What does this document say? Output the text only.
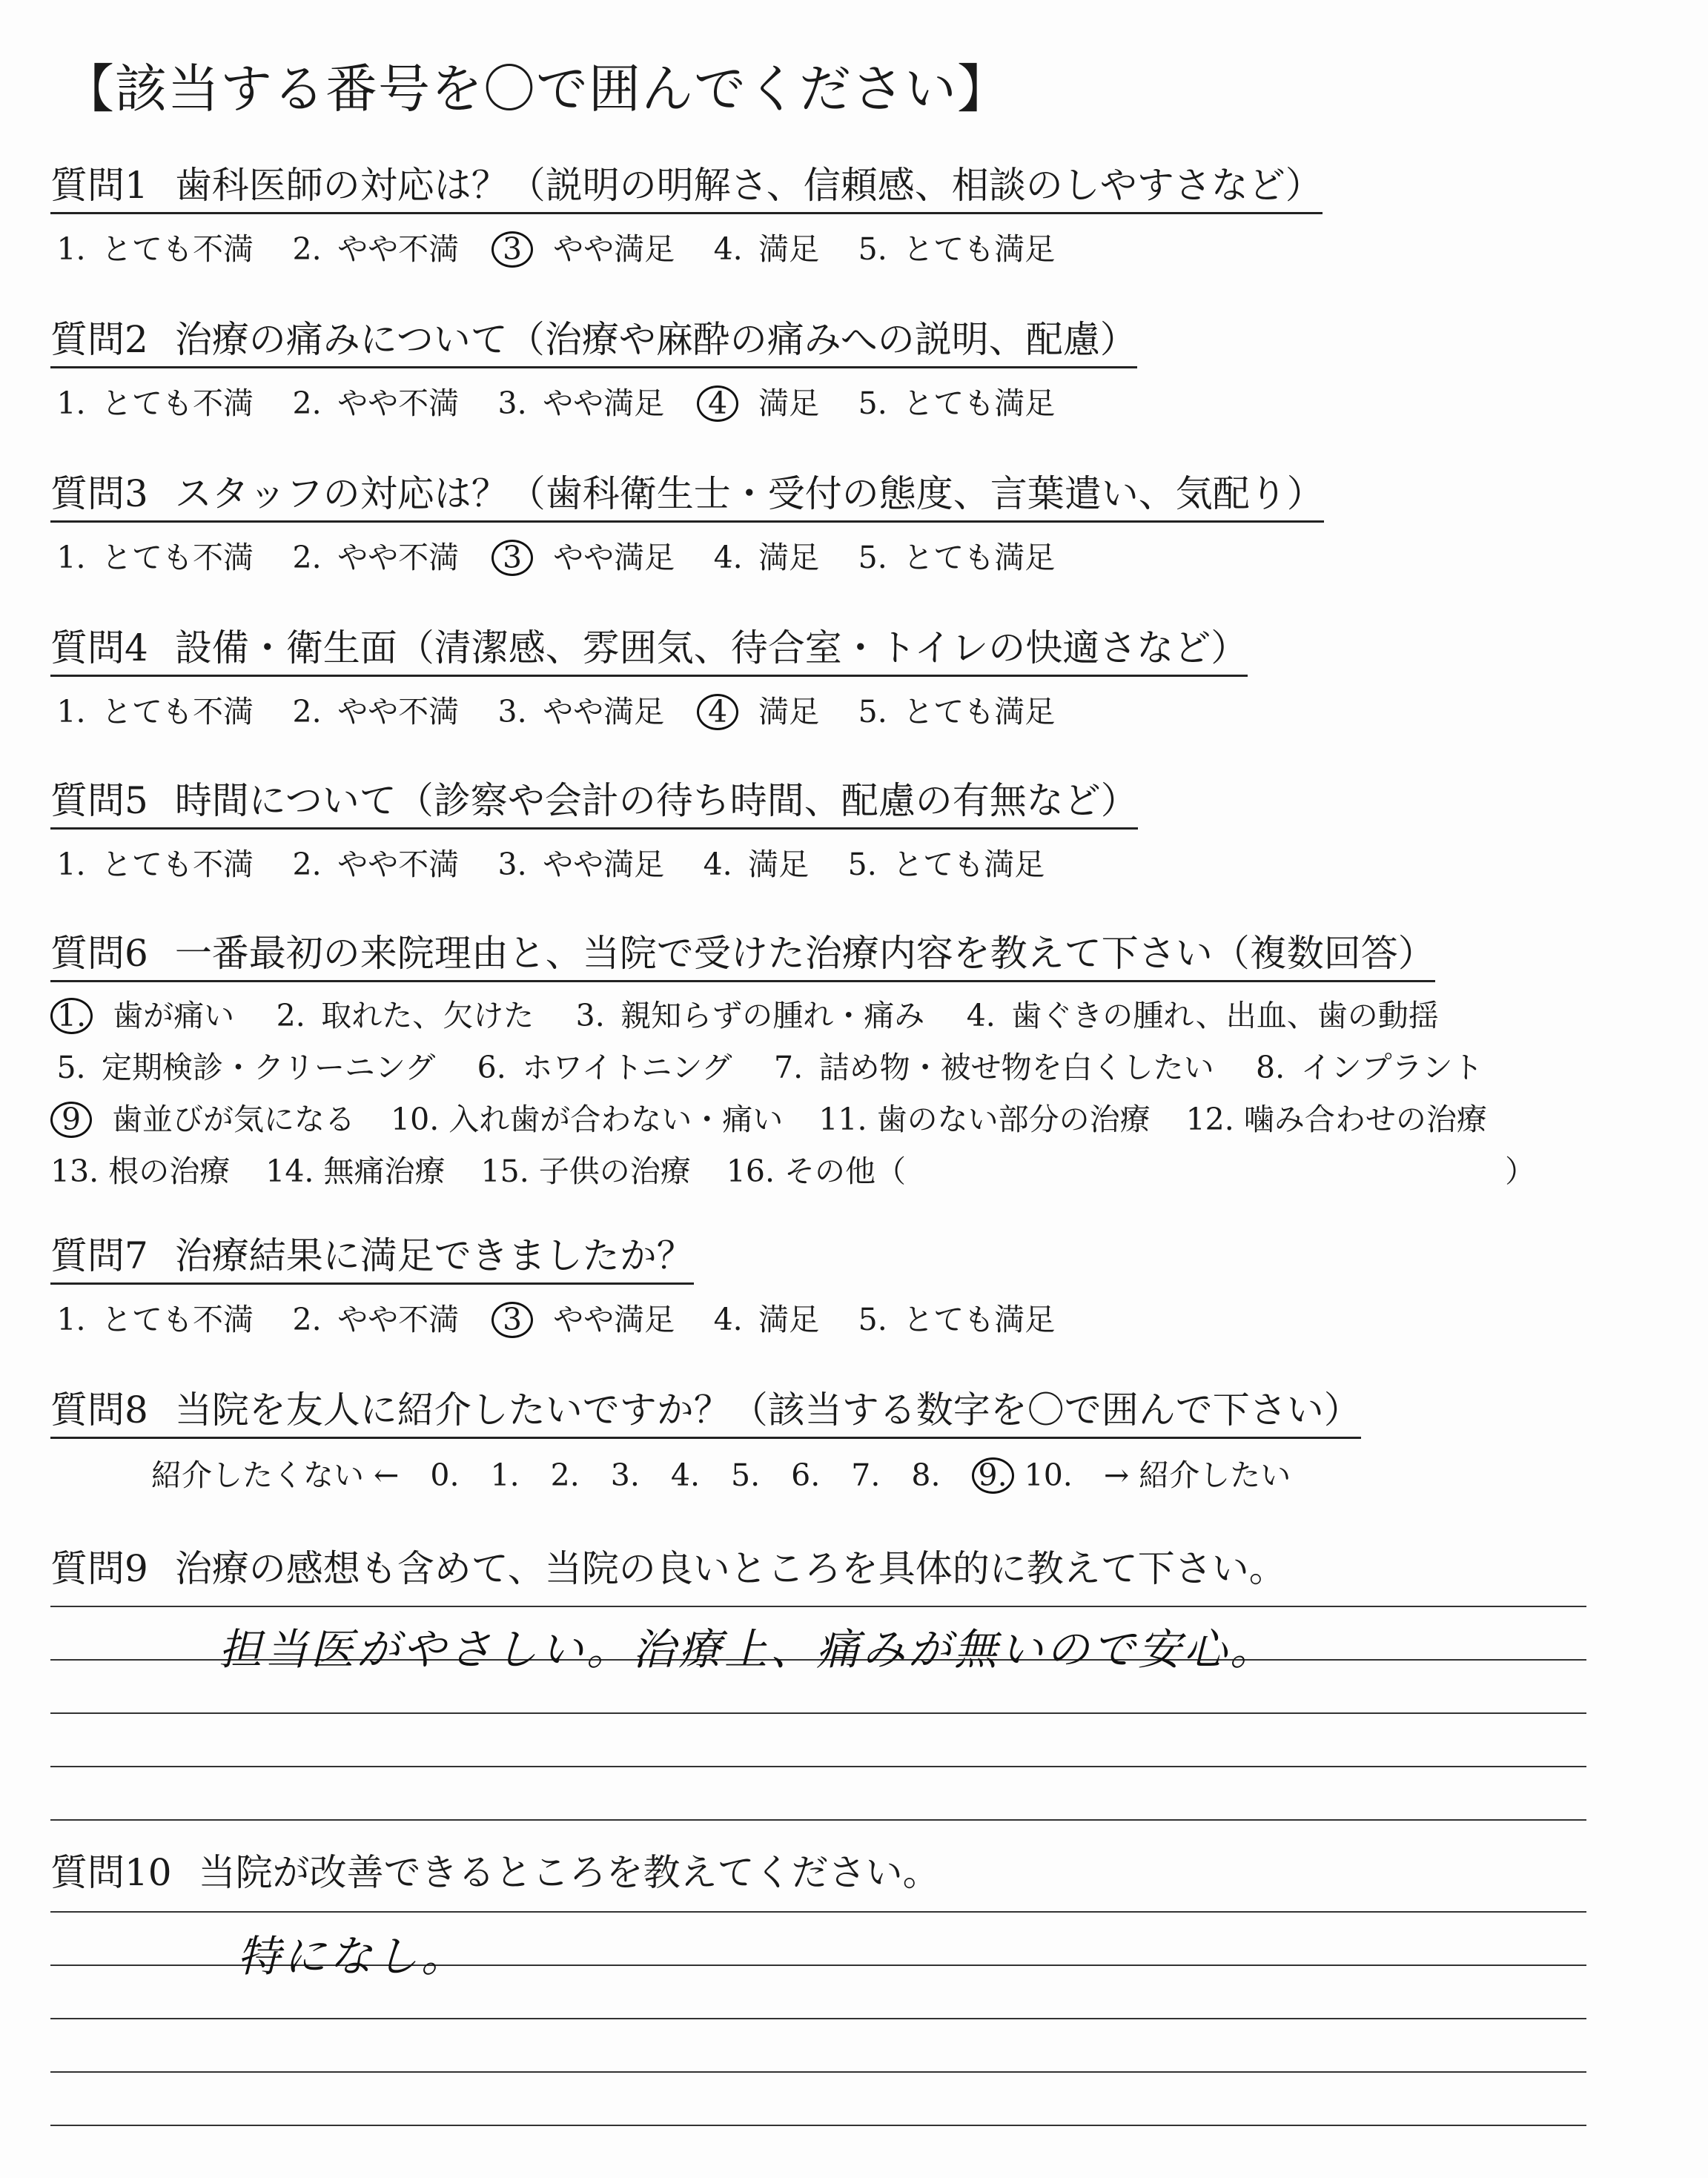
【該当する番号を〇で囲んでください】
質問1 歯科医師の対応は？（説明の明解さ、信頼感、相談のしやすさなど）
1. とても不満 2. やや不満 3 やや満足 4. 満足 5. とても満足
質問2 治療の痛みについて（治療や麻酔の痛みへの説明、配慮）
1. とても不満 2. やや不満 3. やや満足 4 満足 5. とても満足
質問3 スタッフの対応は？（歯科衛生士・受付の態度、言葉遣い、気配り）
1. とても不満 2. やや不満 3 やや満足 4. 満足 5. とても満足
質問4 設備・衛生面（清潔感、雰囲気、待合室・トイレの快適さなど）
1. とても不満 2. やや不満 3. やや満足 4 満足 5. とても満足
質問5 時間について（診察や会計の待ち時間、配慮の有無など）
1. とても不満 2. やや不満 3. やや満足 4. 満足 5. とても満足
質問6 一番最初の来院理由と、当院で受けた治療内容を教えて下さい（複数回答）
1. 歯が痛い 2. 取れた、欠けた 3. 親知らずの腫れ・痛み 4. 歯ぐきの腫れ、出血、歯の動揺
5. 定期検診・クリーニング 6. ホワイトニング 7. 詰め物・被せ物を白くしたい 8. インプラント
9 歯並びが気になる 10. 入れ歯が合わない・痛い 11. 歯のない部分の治療 12. 噛み合わせの治療
13. 根の治療 14. 無痛治療 15. 子供の治療 16. その他（	）
質問7 治療結果に満足できましたか？
1. とても不満 2. やや不満 3 やや満足 4. 満足 5. とても満足
質問8 当院を友人に紹介したいですか？（該当する数字を〇で囲んで下さい）
紹介したくない ← 0. 1. 2. 3. 4. 5. 6. 7. 8. 9. 10. → 紹介したい
質問9 治療の感想も含めて、当院の良いところを具体的に教えて下さい。
担当医がやさしい。治療上、痛みが無いので安心。
質問10 当院が改善できるところを教えてください。
特になし。
